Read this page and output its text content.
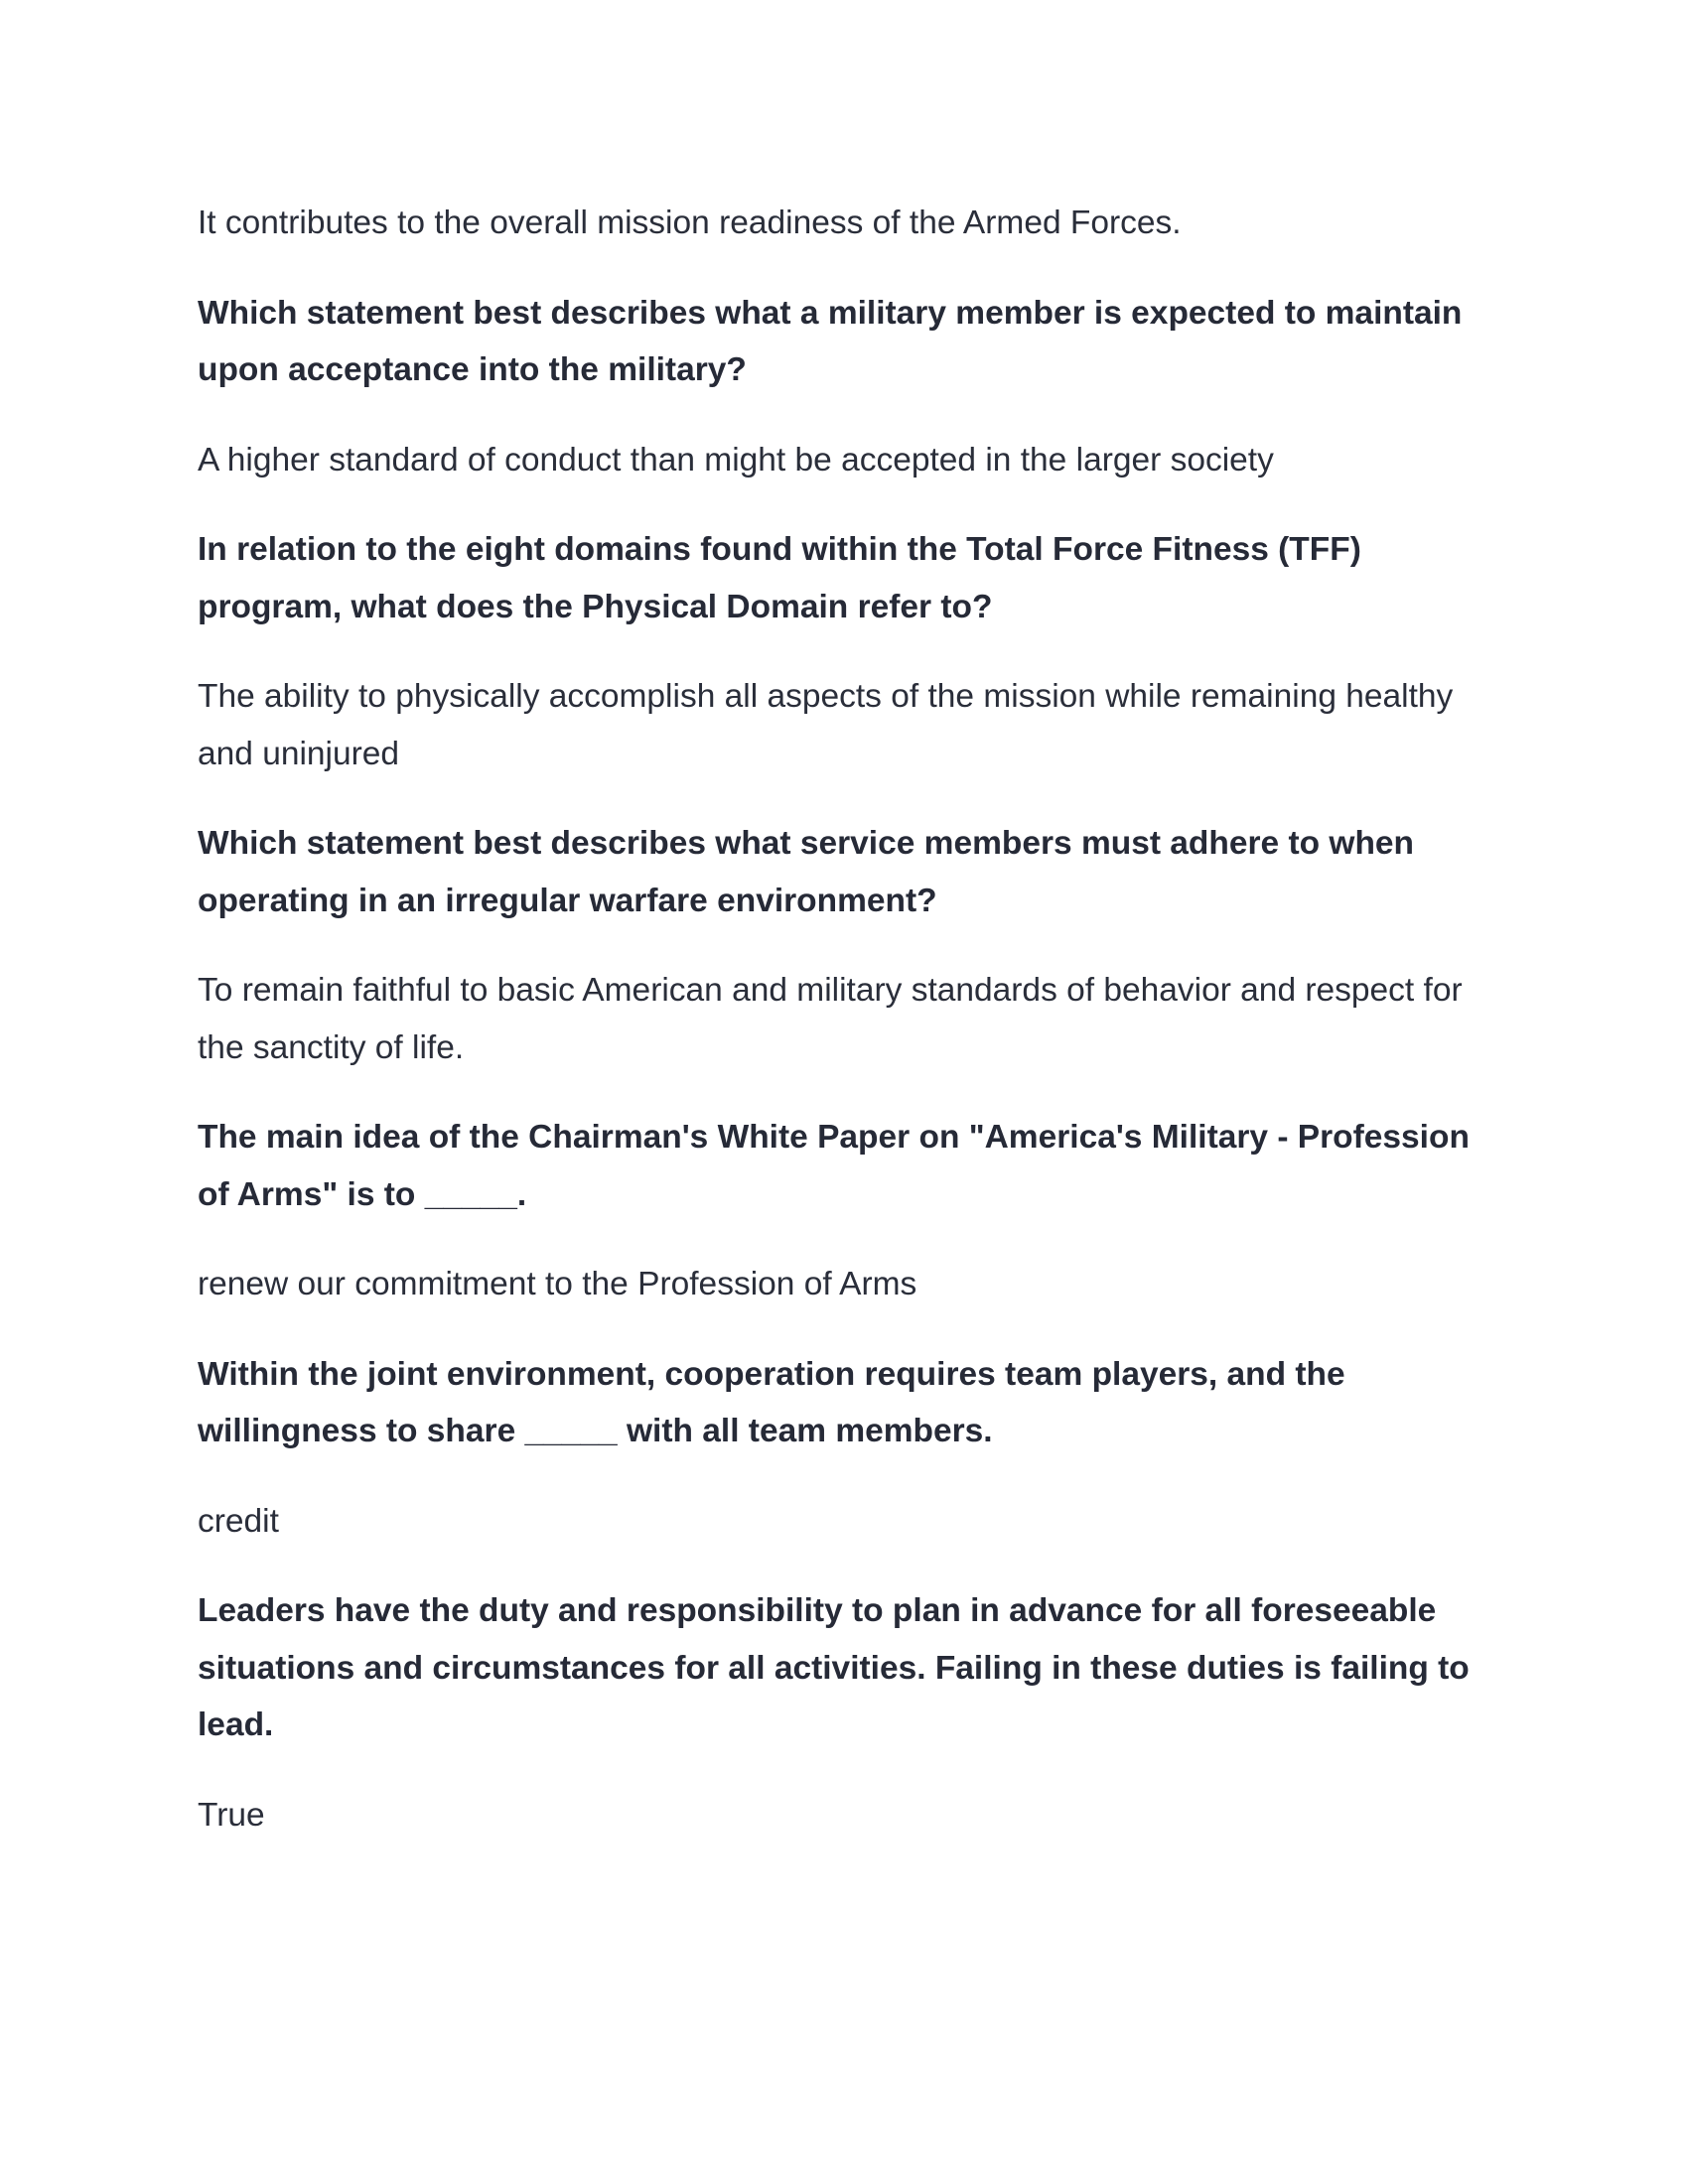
It contributes to the overall mission readiness of the Armed Forces.

Which statement best describes what a military member is expected to maintain upon acceptance into the military?

A higher standard of conduct than might be accepted in the larger society

In relation to the eight domains found within the Total Force Fitness (TFF) program, what does the Physical Domain refer to?

The ability to physically accomplish all aspects of the mission while remaining healthy and uninjured

Which statement best describes what service members must adhere to when operating in an irregular warfare environment?

To remain faithful to basic American and military standards of behavior and respect for the sanctity of life.

The main idea of the Chairman's White Paper on "America's Military - Profession of Arms" is to _____.

renew our commitment to the Profession of Arms

Within the joint environment, cooperation requires team players, and the willingness to share _____ with all team members.

credit

Leaders have the duty and responsibility to plan in advance for all foreseeable situations and circumstances for all activities. Failing in these duties is failing to lead.

True
